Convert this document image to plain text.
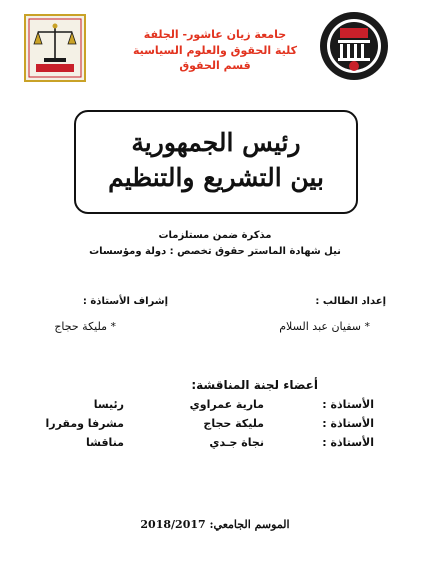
جامعة زيان عاشور- الجلفة
كلية الحقوق والعلوم السياسية
قسم الحقوق
رئيس الجمهورية
بين التشريع والتنظيم
مذكرة ضمن مستلزمات
نيل شهادة الماستر حقوق تخصص : دولة ومؤسسات
إعداد الطالب :
* سفيان عبد السلام
إشراف الأستاذة :
* مليكة حجاج
أعضاء لجنة المناقشة:
الأستاذة :
مارية عمراوي
رئيسا
الأستاذة :
مليكة حجاج
مشرفا ومقررا
الأستاذة :
نجاة جـدي
مناقشا
الموسم الجامعي: 2018/2017
